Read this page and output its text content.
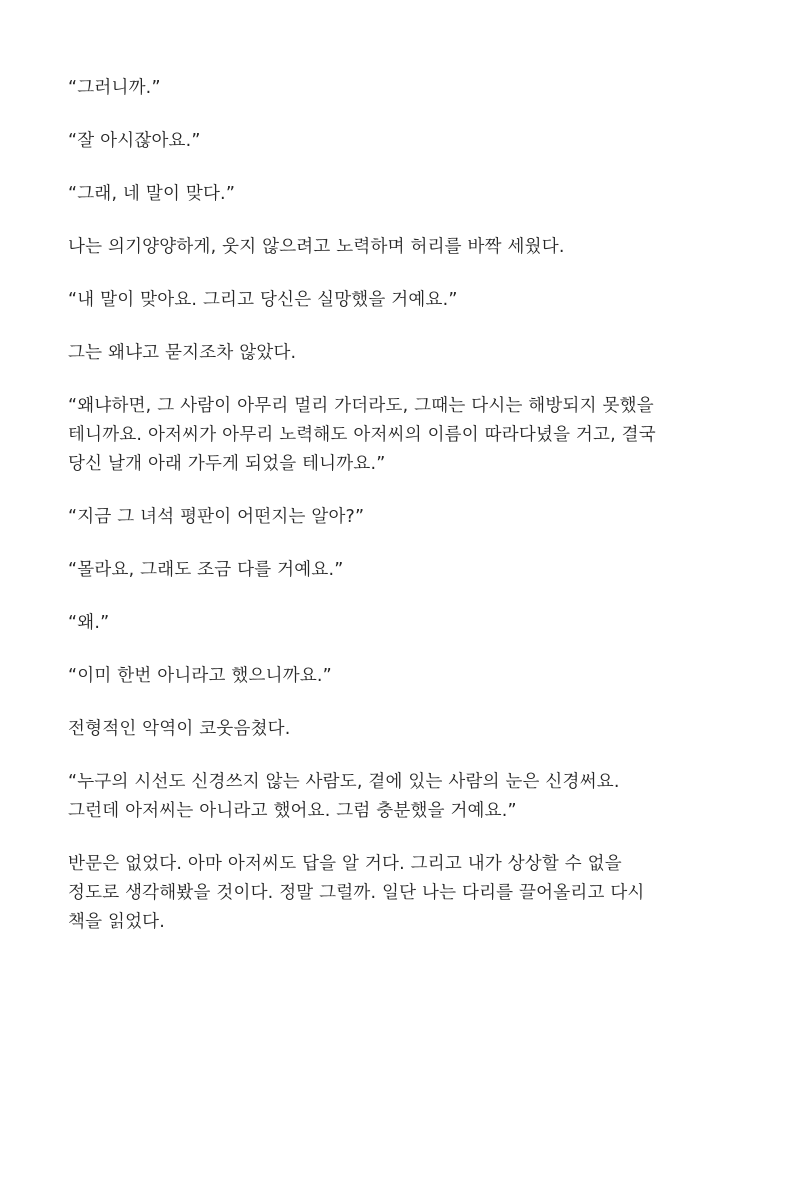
“그러니까.”

“잘 아시잖아요.”

“그래, 네 말이 맞다.”

나는 의기양양하게, 웃지 않으려고 노력하며 허리를 바짝 세웠다.

“내 말이 맞아요. 그리고 당신은 실망했을 거예요.”

그는 왜냐고 묻지조차 않았다.

“왜냐하면, 그 사람이 아무리 멀리 가더라도, 그때는 다시는 해방되지 못했을
테니까요. 아저씨가 아무리 노력해도 아저씨의 이름이 따라다녔을 거고, 결국
당신 날개 아래 가두게 되었을 테니까요.”

“지금 그 녀석 평판이 어떤지는 알아?”

“몰라요, 그래도 조금 다를 거예요.”

“왜.”

“이미 한번 아니라고 했으니까요.”

전형적인 악역이 코웃음쳤다.

“누구의 시선도 신경쓰지 않는 사람도, 곁에 있는 사람의 눈은 신경써요.
그런데 아저씨는 아니라고 했어요. 그럼 충분했을 거예요.”

반문은 없었다. 아마 아저씨도 답을 알 거다. 그리고 내가 상상할 수 없을
정도로 생각해봤을 것이다. 정말 그럴까. 일단 나는 다리를 끌어올리고 다시
책을 읽었다.
